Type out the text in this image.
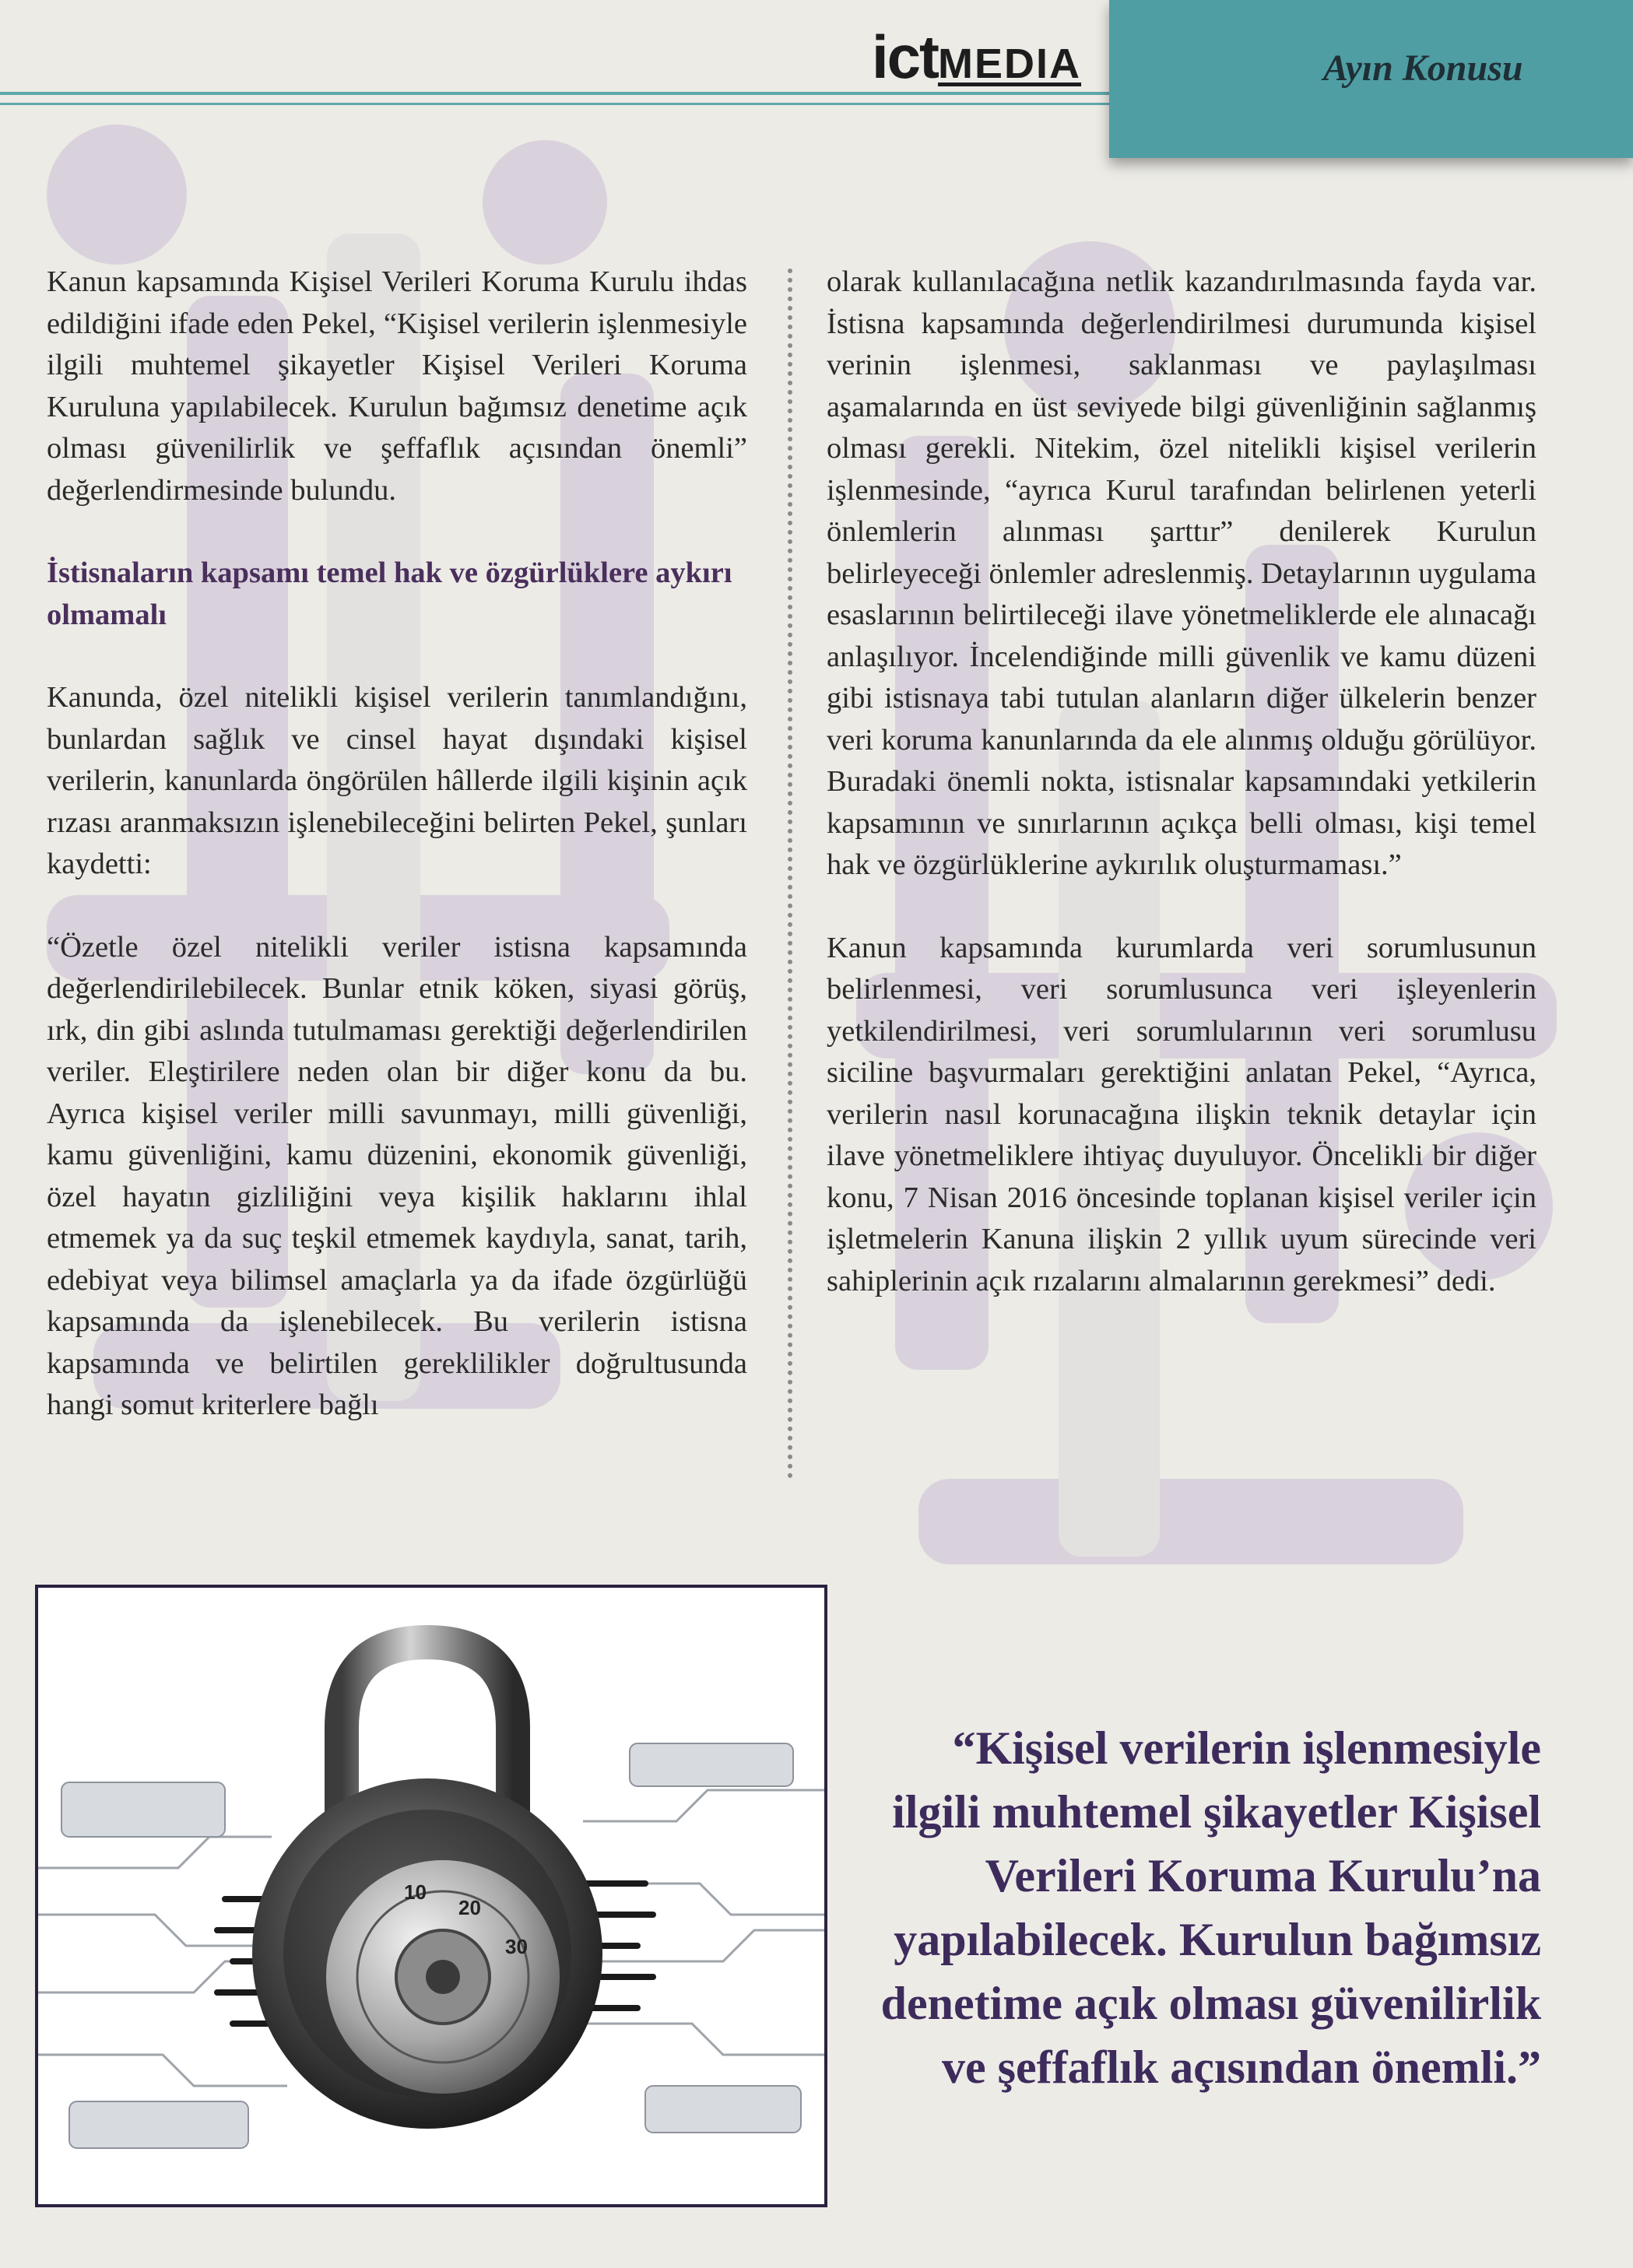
ictMEDIA	Ayın Konusu

Kanun kapsamında Kişisel Verileri Koruma Kurulu ihdas edildiğini ifade eden Pekel, “Kişisel verilerin işlenmesiyle ilgili muhtemel şikayetler Kişisel Verileri Koruma Kuruluna yapılabilecek. Kurulun bağımsız denetime açık olması güvenilirlik ve şeffaflık açısından önemli” değerlendirmesinde bulundu.

İstisnaların kapsamı temel hak ve özgürlüklere aykırı olmamalı

Kanunda, özel nitelikli kişisel verilerin tanımlandığını, bunlardan sağlık ve cinsel hayat dışındaki kişisel verilerin, kanunlarda öngörülen hâllerde ilgili kişinin açık rızası aranmaksızın işlenebileceğini belirten Pekel, şunları kaydetti:

“Özetle özel nitelikli veriler istisna kapsamında değerlendirilebilecek. Bunlar etnik köken, siyasi görüş, ırk, din gibi aslında tutulmaması gerektiği değerlendirilen veriler. Eleştirilere neden olan bir diğer konu da bu. Ayrıca kişisel veriler milli savunmayı, milli güvenliği, kamu güvenliğini, kamu düzenini, ekonomik güvenliği, özel hayatın gizliliğini veya kişilik haklarını ihlal etmemek ya da suç teşkil etmemek kaydıyla, sanat, tarih, edebiyat veya bilimsel amaçlarla ya da ifade özgürlüğü kapsamında da işlenebilecek. Bu verilerin istisna kapsamında ve belirtilen gereklilikler doğrultusunda hangi somut kriterlere bağlı

olarak kullanılacağına netlik kazandırılmasında fayda var. İstisna kapsamında değerlendirilmesi durumunda kişisel verinin işlenmesi, saklanması ve paylaşılması aşamalarında en üst seviyede bilgi güvenliğinin sağlanmış olması gerekli. Nitekim, özel nitelikli kişisel verilerin işlenmesinde, “ayrıca Kurul tarafından belirlenen yeterli önlemlerin alınması şarttır” denilerek Kurulun belirleyeceği önlemler adreslenmiş. Detaylarının uygulama esaslarının belirtileceği ilave yönetmeliklerde ele alınacağı anlaşılıyor. İncelendiğinde milli güvenlik ve kamu düzeni gibi istisnaya tabi tutulan alanların diğer ülkelerin benzer veri koruma kanunlarında da ele alınmış olduğu görülüyor. Buradaki önemli nokta, istisnalar kapsamındaki yetkilerin kapsamının ve sınırlarının açıkça belli olması, kişi temel hak ve özgürlüklerine aykırılık oluşturmaması.”

Kanun kapsamında kurumlarda veri sorumlusunun belirlenmesi, veri sorumlusunca veri işleyenlerin yetkilendirilmesi, veri sorumlularının veri sorumlusu siciline başvurmaları gerektiğini anlatan Pekel, “Ayrıca, verilerin nasıl korunacağına ilişkin teknik detaylar için ilave yönetmeliklere ihtiyaç duyuluyor. Öncelikli bir diğer konu, 7 Nisan 2016 öncesinde toplanan kişisel veriler için işletmelerin Kanuna ilişkin 2 yıllık uyum sürecinde veri sahiplerinin açık rızalarını almalarının gerekmesi” dedi.

10
20
30
“Kişisel verilerin işlenmesiyle ilgili muhtemel şikayetler Kişisel Verileri Koruma Kurulu’na yapılabilecek. Kurulun bağımsız denetime açık olması güvenilirlik ve şeffaflık açısından önemli.”
